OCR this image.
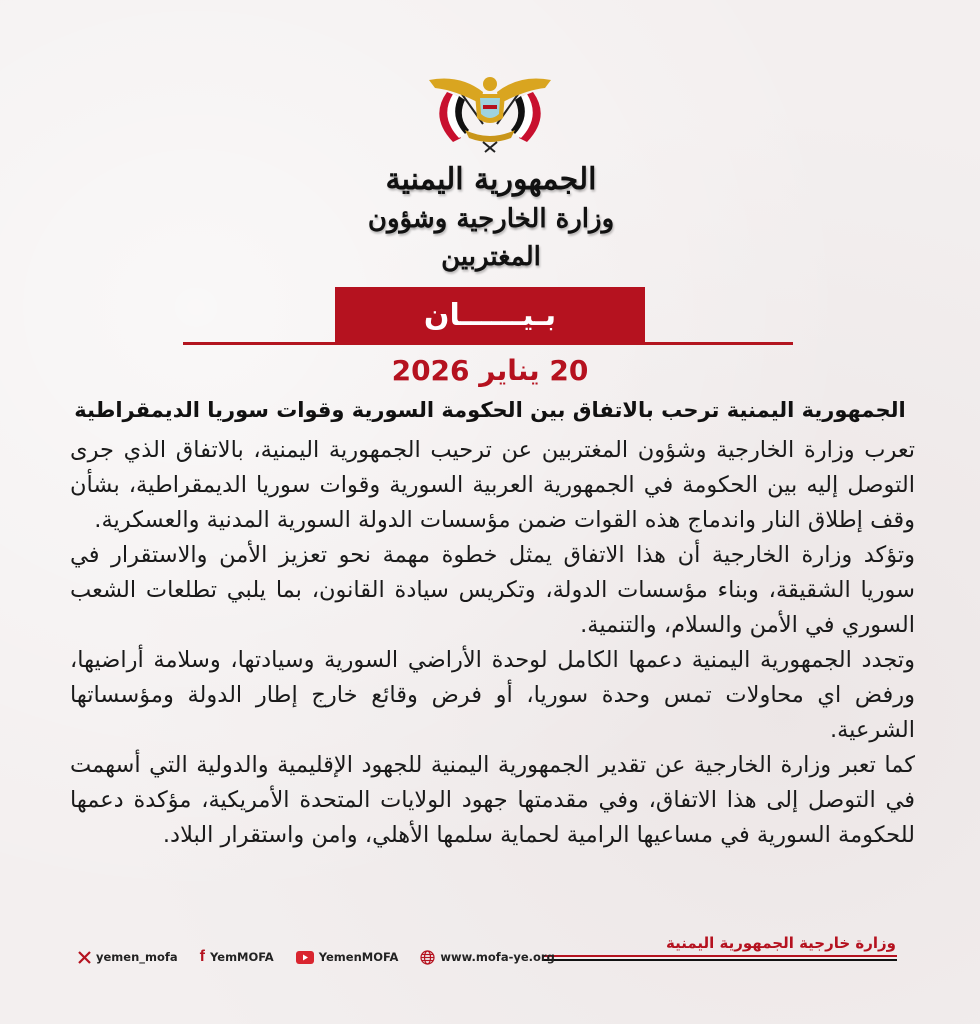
الجمهورية اليمنية
وزارة الخارجية وشؤون المغتربين
بـيــــــان
20 يناير 2026
الجمهورية اليمنية ترحب بالاتفاق بين الحكومة السورية وقوات سوريا الديمقراطية

تعرب وزارة الخارجية وشؤون المغتربين عن ترحيب الجمهورية اليمنية، بالاتفاق الذي جرى التوصل إليه بين الحكومة في الجمهورية العربية السورية وقوات سوريا الديمقراطية، بشأن وقف إطلاق النار واندماج هذه القوات ضمن مؤسسات الدولة السورية المدنية والعسكرية.

وتؤكد وزارة الخارجية أن هذا الاتفاق يمثل خطوة مهمة نحو تعزيز الأمن والاستقرار في سوريا الشقيقة، وبناء مؤسسات الدولة، وتكريس سيادة القانون، بما يلبي تطلعات الشعب السوري في الأمن والسلام، والتنمية.

وتجدد الجمهورية اليمنية دعمها الكامل لوحدة الأراضي السورية وسيادتها، وسلامة أراضيها، ورفض اي محاولات تمس وحدة سوريا، أو فرض وقائع خارج إطار الدولة ومؤسساتها الشرعية.

كما تعبر وزارة الخارجية عن تقدير الجمهورية اليمنية للجهود الإقليمية والدولية التي أسهمت في التوصل إلى هذا الاتفاق، وفي مقدمتها جهود الولايات المتحدة الأمريكية، مؤكدة دعمها للحكومة السورية في مساعيها الرامية لحماية سلمها الأهلي، وامن واستقرار البلاد.

وزارة خارجية الجمهورية اليمنية
yemen_mofa f YemMOFA	YemenMOFA	www.mofa-ye.org
